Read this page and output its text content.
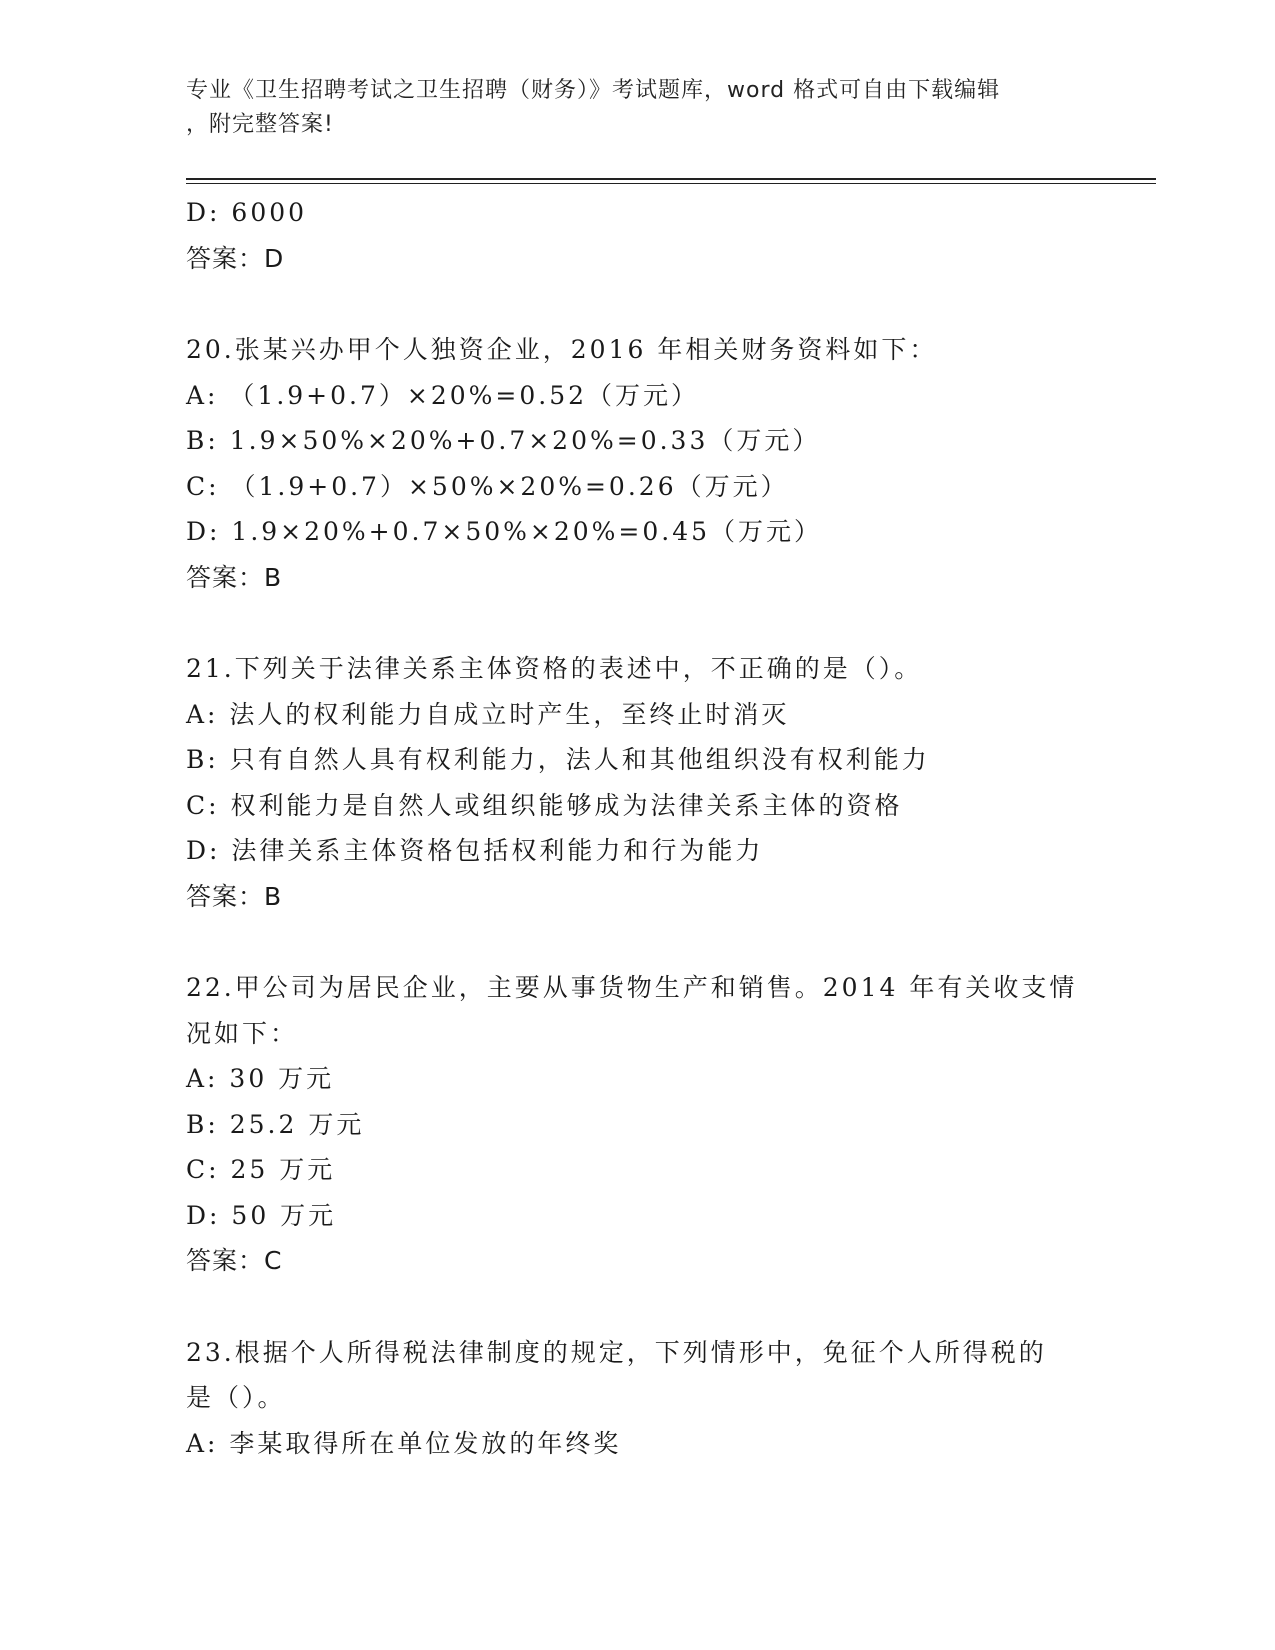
专业《卫生招聘考试之卫生招聘（财务）》考试题库，word 格式可自由下载编辑
，附完整答案!
D: 6000
答案：D
20.张某兴办甲个人独资企业，2016 年相关财务资料如下：
A: （1.9+0.7）×20%=0.52（万元）
B: 1.9×50%×20%+0.7×20%=0.33（万元）
C: （1.9+0.7）×50%×20%=0.26（万元）
D: 1.9×20%+0.7×50%×20%=0.45（万元）
答案：B
21.下列关于法律关系主体资格的表述中，不正确的是（）。
A: 法人的权利能力自成立时产生，至终止时消灭
B: 只有自然人具有权利能力，法人和其他组织没有权利能力
C: 权利能力是自然人或组织能够成为法律关系主体的资格
D: 法律关系主体资格包括权利能力和行为能力
答案：B
22.甲公司为居民企业，主要从事货物生产和销售。2014 年有关收支情
况如下：
A: 30 万元
B: 25.2 万元
C: 25 万元
D: 50 万元
答案：C
23.根据个人所得税法律制度的规定，下列情形中，免征个人所得税的
是（）。
A: 李某取得所在单位发放的年终奖
